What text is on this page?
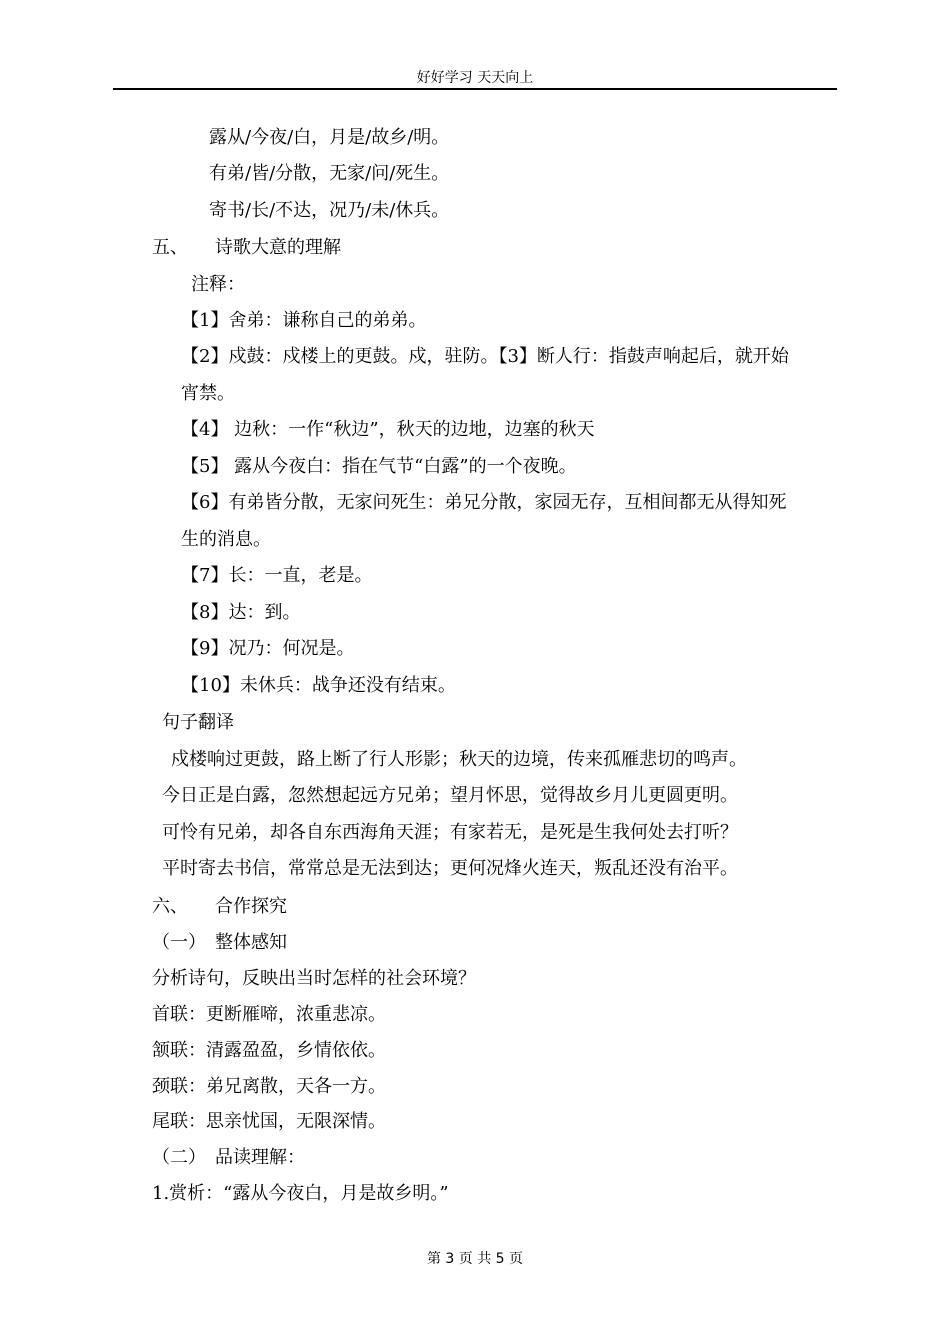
好好学习 天天向上
露从/今夜/白，月是/故乡/明。
有弟/皆/分散，无家/问/死生。
寄书/长/不达，况乃/未/休兵。
五、 诗歌大意的理解
注释：
【1】舍弟：谦称自己的弟弟。
【2】戍鼓：戍楼上的更鼓。戍，驻防。【3】断人行：指鼓声响起后，就开始
宵禁。
【4】 边秋：一作“秋边”，秋天的边地，边塞的秋天
【5】 露从今夜白：指在气节“白露”的一个夜晚。
【6】有弟皆分散，无家问死生：弟兄分散，家园无存，互相间都无从得知死
生的消息。
【7】长：一直，老是。
【8】达：到。
【9】况乃：何况是。
【10】未休兵：战争还没有结束。
句子翻译
戍楼响过更鼓，路上断了行人形影；秋天的边境，传来孤雁悲切的鸣声。
今日正是白露，忽然想起远方兄弟；望月怀思，觉得故乡月儿更圆更明。
可怜有兄弟，却各自东西海角天涯；有家若无，是死是生我何处去打听？
平时寄去书信，常常总是无法到达；更何况烽火连天，叛乱还没有治平。
六、 合作探究
（一） 整体感知
分析诗句，反映出当时怎样的社会环境？
首联：更断雁啼，浓重悲凉。
颔联：清露盈盈，乡情依依。
颈联：弟兄离散，天各一方。
尾联：思亲忧国，无限深情。
（二） 品读理解：
1.赏析：“露从今夜白，月是故乡明。”
第 3 页 共 5 页
